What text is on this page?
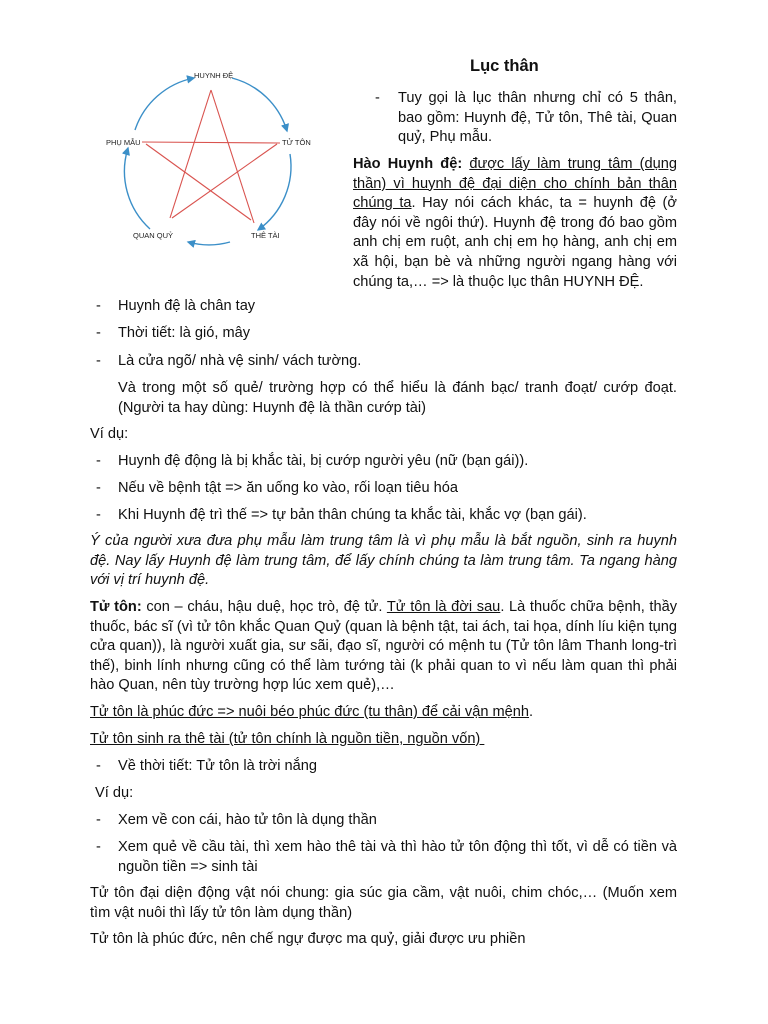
HUYNH ĐỆ
TỬ TÔN
THÊ TÀI
QUAN QUỶ
PHỤ MẪU
Lục thân
- Tuy gọi là lục thân nhưng chỉ có 5 thân, bao gồm: Huynh đệ, Tử tôn, Thê tài, Quan quỷ, Phụ mẫu.
Hào Huynh đệ: được lấy làm trung tâm (dụng thần) vì huynh đệ đại diện cho chính bản thân chúng ta. Hay nói cách khác, ta = huynh đệ (ở đây nói về ngôi thứ). Huynh đệ trong đó bao gồm anh chị em ruột, anh chị em họ hàng, anh chị em xã hội, bạn bè và những người ngang hàng với chúng ta,… => là thuộc lục thân HUYNH ĐỆ.
- Huynh đệ là chân tay
- Thời tiết: là gió, mây
- Là cửa ngõ/ nhà vệ sinh/ vách tường.
Và trong một số quẻ/ trường hợp có thể hiểu là đánh bạc/ tranh đoạt/ cướp đoạt. (Người ta hay dùng: Huynh đệ là thần cướp tài)
Ví dụ:
- Huynh đệ động là bị khắc tài, bị cướp người yêu (nữ (bạn gái)).
- Nếu về bệnh tật => ăn uống ko vào, rối loạn tiêu hóa
- Khi Huynh đệ trì thế => tự bản thân chúng ta khắc tài, khắc vợ (bạn gái).
Ý của người xưa đưa phụ mẫu làm trung tâm là vì phụ mẫu là bắt nguồn, sinh ra huynh đệ. Nay lấy Huynh đệ làm trung tâm, để lấy chính chúng ta làm trung tâm. Ta ngang hàng với vị trí huynh đệ.
Tử tôn: con – cháu, hậu duệ, học trò, đệ tử. Tử tôn là đời sau. Là thuốc chữa bệnh, thầy thuốc, bác sĩ (vì tử tôn khắc Quan Quỷ (quan là bệnh tật, tai ách, tai họa, dính líu kiện tụng cửa quan)), là người xuất gia, sư sãi, đạo sĩ, người có mệnh tu (Tử tôn lâm Thanh long-trì thế), binh lính nhưng cũng có thể làm tướng tài (k phải quan to vì nếu làm quan thì phải hào Quan, nên tùy trường hợp lúc xem quẻ),…
Tử tôn là phúc đức => nuôi béo phúc đức (tu thân) để cải vận mệnh.
Tử tôn sinh ra thê tài (tử tôn chính là nguồn tiền, nguồn vốn)
- Về thời tiết: Tử tôn là trời nắng
Ví dụ:
- Xem về con cái, hào tử tôn là dụng thần
- Xem quẻ về cầu tài, thì xem hào thê tài và thì hào tử tôn động thì tốt, vì dễ có tiền và nguồn tiền => sinh tài
Tử tôn đại diện động vật nói chung: gia súc gia cầm, vật nuôi, chim chóc,… (Muốn xem tìm vật nuôi thì lấy tử tôn làm dụng thần)
Tử tôn là phúc đức, nên chế ngự được ma quỷ, giải được ưu phiền
